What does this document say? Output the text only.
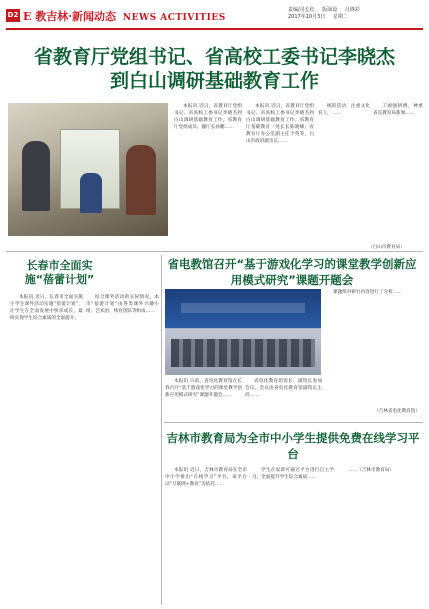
D2 E 教吉林·新闻动态 NEWS ACTIVITIES
责编/司长松 版面设 吕锋彩
2017年10月3日 星期二
省教育厅党组书记、省高校工委书记李晓杰
到白山调研基础教育工作

本报讯 近日，省教育厅党组书记、省高校工委书记李晓杰到白山调研基础教育工作。省教育厅党组成员、副厅长孙鹏……

本报讯 近日，省教育厅党组书记、省高校工委书记李晓杰到白山调研基础教育工作。省教育厅基础教育一处长长陈晓峰，省教育厅办公室副主任于英等，白山市政府副市长……

统的活动，注重文化育人，……

了顽强拼搏，神重省直教育局新闻……

（白山市教育局）
长春市全面实施“蓓蕾计划”

本报讯 近日，长春市全面实施小学生课外活动实施“蓓蕾计划”，让学生在全面发展中快乐成长，最终实现学生综合素质的全面提升。

结合课外活动的实际情况，本市“蓓蕾计划”由各类课外兴趣小组、艺术团、体育团队等组成……

省电教馆召开“基于游戏化学习的课堂教学创新应用模式研究”课题开题会

课题组对研究内容进行了分析……

（吉林省电化教育馆）

本报讯 日前，省电化教育馆在长春召开“基于游戏化学习的课堂教学创新应用模式研究”课题开题会……

省电化教育馆馆长、副馆长参加会议，会议由省电化教育馆副馆长主持……

吉林市教育局为全市中小学生提供免费在线学习平台

本报讯 近日，吉林市教育局在全市中小学推出“在线学习”平台，该平台以“互联网+教育”为依托……

学生在家即可通过平台进行自主学习，全面提升学生综合素质……

……（吉林市教育局）
